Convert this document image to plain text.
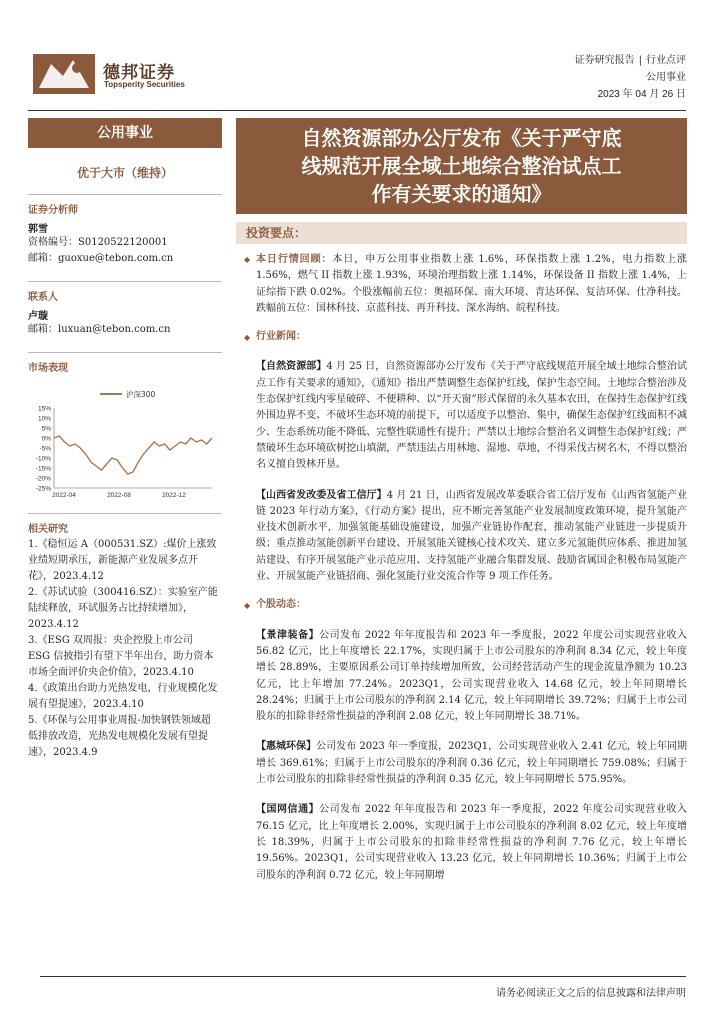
德邦证券
Topsperity Securities
证券研究报告 | 行业点评
公用事业
2023 年 04 月 26 日
公用事业
优于大市（维持）
证券分析师
郭雪
资格编号：S0120522120001
邮箱：guoxue@tebon.com.cn
联系人
卢璇
邮箱：luxuan@tebon.com.cn
市场表现
15%
10%
5%
0%
-5%
-10%
-15%
-20%
-25%
2022-04	2022-08	2022-12
沪深300
相关研究
1.《稳恒运 A（000531.SZ）:煤价上涨致业绩短期承压，新能源产业发展多点开花》，2023.4.12
2.《苏试试验（300416.SZ）：实验室产能陆续释放，环试服务占比持续增加》，2023.4.12
3.《ESG 双周报：央企控股上市公司 ESG 信披指引有望下半年出台，助力资本市场全面评价央企价值》，2023.4.10
4.《政策出台助力光热发电，行业规模化发展有望提速》，2023.4.10
5.《环保与公用事业周报-加快钢铁领域超低排放改造，光热发电规模化发展有望提速》，2023.4.9
自然资源部办公厅发布《关于严守底
线规范开展全域土地综合整治试点工
作有关要求的通知》
投资要点：
◆ 本日行情回顾：本日，申万公用事业指数上涨 1.6%，环保指数上涨 1.2%，电力指数上涨 1.56%，燃气 II 指数上涨 1.93%，环境治理指数上涨 1.14%，环保设备 II 指数上涨 1.4%，上证综指下跌 0.02%。个股涨幅前五位：奥福环保、南大环境、青达环保、复洁环保、仕净科技。跌幅前五位：国林科技、京蓝科技、再升科技、深水海纳、皖程科技。
◆ 行业新闻：
【自然资源部】4 月 25 日，自然资源部办公厅发布《关于严守底线规范开展全域土地综合整治试点工作有关要求的通知》，《通知》指出严禁调整生态保护红线，保护生态空间。土地综合整治涉及生态保护红线内零星破碎、不便耕种、以“开天窗”形式保留的永久基本农田，在保持生态保护红线外围边界不变、不破坏生态环境的前提下，可以适度予以整治、集中，确保生态保护红线面积不减少、生态系统功能不降低、完整性联通性有提升；严禁以土地综合整治名义调整生态保护红线；严禁破坏生态环境砍树挖山填湖，严禁违法占用林地、湿地、草地，不得采伐古树名木，不得以整治名义擅自毁林开垦。
【山西省发改委及省工信厅】4 月 21 日，山西省发展改革委联合省工信厅发布《山西省氢能产业链 2023 年行动方案》，《行动方案》提出，应不断完善氢能产业发展制度政策环境，提升氢能产业技术创新水平，加强氢能基础设施建设，加强产业链协作配套，推动氢能产业链进一步提质升级；重点推动氢能创新平台建设、开展氢能关键核心技术攻关、建立多元氢能供应体系、推进加氢站建设、有序开展氢能产业示范应用、支持氢能产业融合集群发展、鼓励省属国企积极布局氢能产业、开展氢能产业链招商、强化氢能行业交流合作等 9 项工作任务。
◆ 个股动态：
【景津装备】公司发布 2022 年年度报告和 2023 年一季度报，2022 年度公司实现营业收入 56.82 亿元，比上年度增长 22.17%，实现归属于上市公司股东的净利润 8.34 亿元，较上年度增长 28.89%，主要原因系公司订单持续增加所致，公司经营活动产生的现金流量净额为 10.23 亿元，比上年增加 77.24%。2023Q1，公司实现营业收入 14.68 亿元，较上年同期增长 28.24%；归属于上市公司股东的净利润 2.14 亿元，较上年同期增长 39.72%；归属于上市公司股东的扣除非经常性损益的净利润 2.08 亿元，较上年同期增长 38.71%。
【惠城环保】公司发布 2023 年一季度报，2023Q1，公司实现营业收入 2.41 亿元，较上年同期增长 369.61%；归属于上市公司股东的净利润 0.36 亿元，较上年同期增长 759.08%；归属于上市公司股东的扣除非经常性损益的净利润 0.35 亿元，较上年同期增长 575.95%。
【国网信通】公司发布 2022 年年度报告和 2023 年一季度报，2022 年度公司实现营业收入 76.15 亿元，比上年度增长 2.00%，实现归属于上市公司股东的净利润 8.02 亿元，较上年度增长 18.39%，归属于上市公司股东的扣除非经常性损益的净利润 7.76 亿元，较上年增长 19.56%。2023Q1，公司实现营业收入 13.23 亿元，较上年同期增长 10.36%；归属于上市公司股东的净利润 0.72 亿元，较上年同期增
请务必阅读正文之后的信息披露和法律声明
